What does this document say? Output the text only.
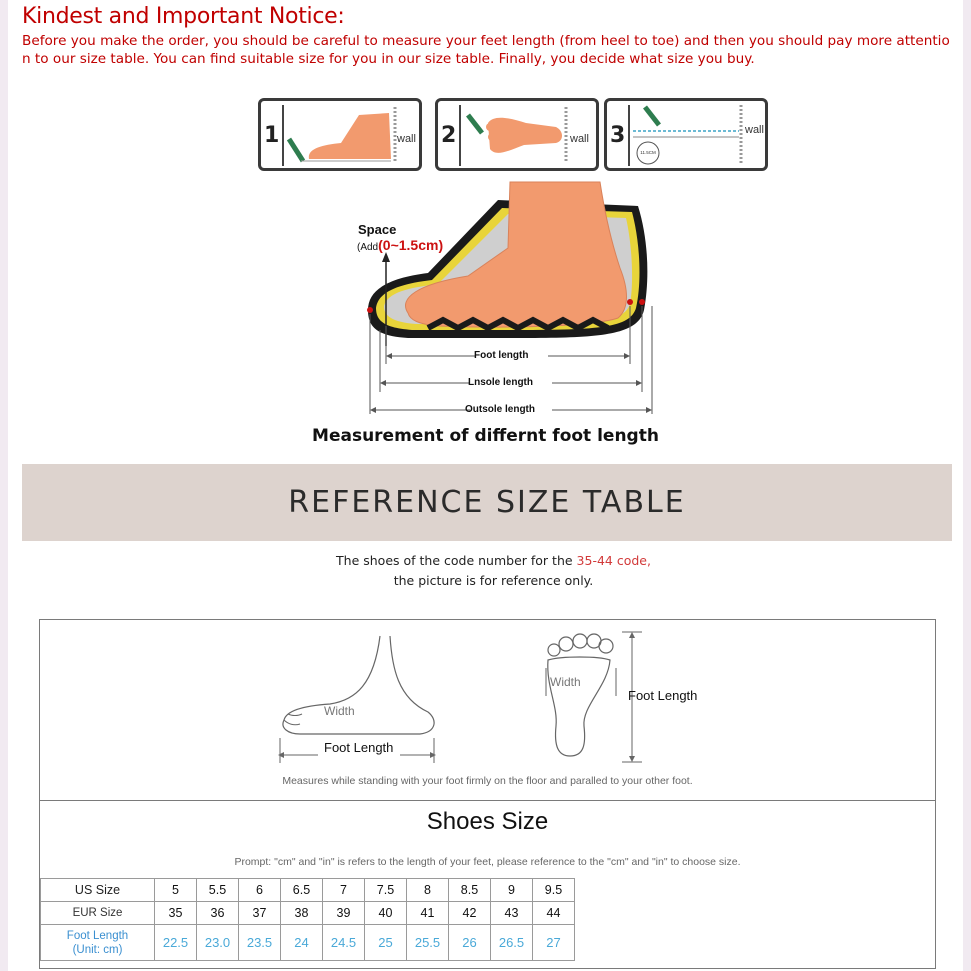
Kindest and Important Notice:
Before you make the order, you should be careful to measure your feet length (from heel to toe) and then you should pay more attention to our size table. You can find suitable size for you in our size table. Finally, you decide what size you buy.
1	wall 2	wall 3
11.5CM
wall
Space
(Add(0~1.5cm)
Foot length
Lnsole length
Outsole length
Measurement of differnt foot length
REFERENCE SIZE TABLE
The shoes of the code number for the 35-44 code,
the picture is for reference only.
Width
Foot Length
Width
Foot Length
Measures while standing with your foot firmly on the floor and paralled to your other foot.
Shoes Size
Prompt: "cm" and "in" is refers to the length of your feet, please reference to the "cm" and "in" to choose size.
US Size	5	5.5	6	6.5	7	7.5	8	8.5	9	9.5
EUR Size	35	36	37	38	39	40	41	42	43	44
Foot Length
(Unit: cm)	22.5	23.0	23.5	24	24.5	25	25.5	26	26.5	27
